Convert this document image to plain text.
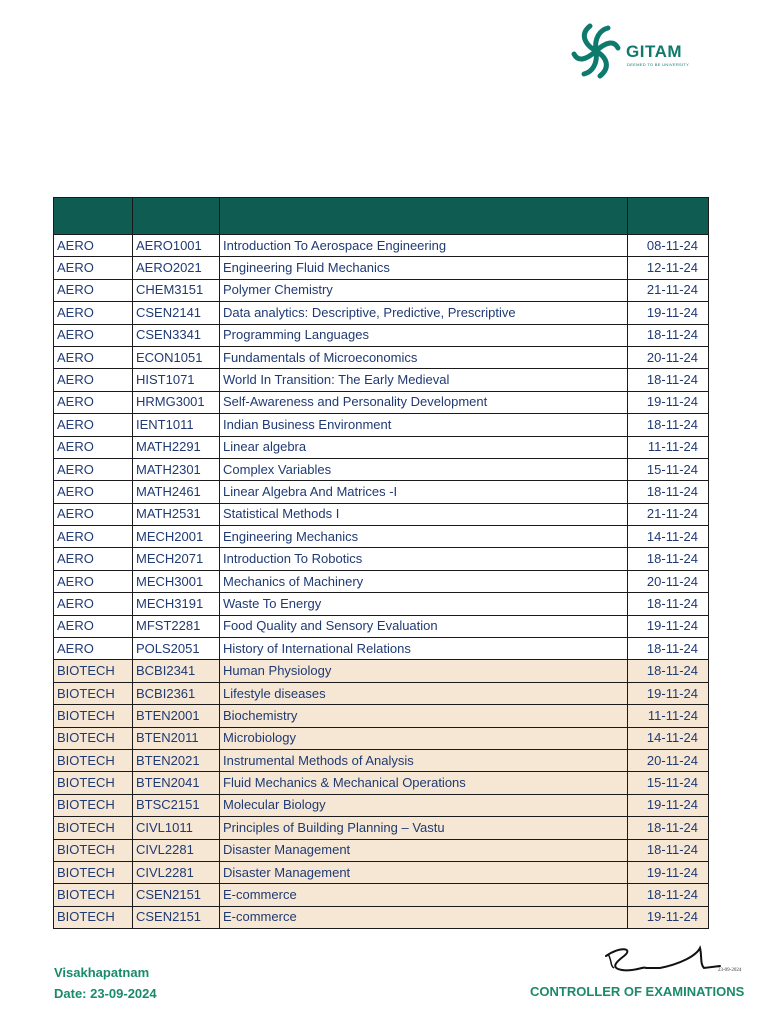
GITAM
DEEMED TO BE UNIVERSITY

AERO	AERO1001	Introduction To Aerospace Engineering	08-11-24
AERO	AERO2021	Engineering Fluid Mechanics	12-11-24
AERO	CHEM3151	Polymer Chemistry	21-11-24
AERO	CSEN2141	Data analytics: Descriptive, Predictive, Prescriptive	19-11-24
AERO	CSEN3341	Programming Languages	18-11-24
AERO	ECON1051	Fundamentals of Microeconomics	20-11-24
AERO	HIST1071	World In Transition: The Early Medieval	18-11-24
AERO	HRMG3001	Self-Awareness and Personality Development	19-11-24
AERO	IENT1011	Indian Business Environment	18-11-24
AERO	MATH2291	Linear algebra	11-11-24
AERO	MATH2301	Complex Variables	15-11-24
AERO	MATH2461	Linear Algebra And Matrices -I	18-11-24
AERO	MATH2531	Statistical Methods I	21-11-24
AERO	MECH2001	Engineering Mechanics	14-11-24
AERO	MECH2071	Introduction To Robotics	18-11-24
AERO	MECH3001	Mechanics of Machinery	20-11-24
AERO	MECH3191	Waste To Energy	18-11-24
AERO	MFST2281	Food Quality and Sensory Evaluation	19-11-24
AERO	POLS2051	History of International Relations	18-11-24
BIOTECH	BCBI2341	Human Physiology	18-11-24
BIOTECH	BCBI2361	Lifestyle diseases	19-11-24
BIOTECH	BTEN2001	Biochemistry	11-11-24
BIOTECH	BTEN2011	Microbiology	14-11-24
BIOTECH	BTEN2021	Instrumental Methods of Analysis	20-11-24
BIOTECH	BTEN2041	Fluid Mechanics & Mechanical Operations	15-11-24
BIOTECH	BTSC2151	Molecular Biology	19-11-24
BIOTECH	CIVL1011	Principles of Building Planning – Vastu	18-11-24
BIOTECH	CIVL2281	Disaster Management	18-11-24
BIOTECH	CIVL2281	Disaster Management	19-11-24
BIOTECH	CSEN2151	E-commerce	18-11-24
BIOTECH	CSEN2151	E-commerce	19-11-24
Visakhapatnam
Date: 23-09-2024
23-09-2024
CONTROLLER OF EXAMINATIONS
